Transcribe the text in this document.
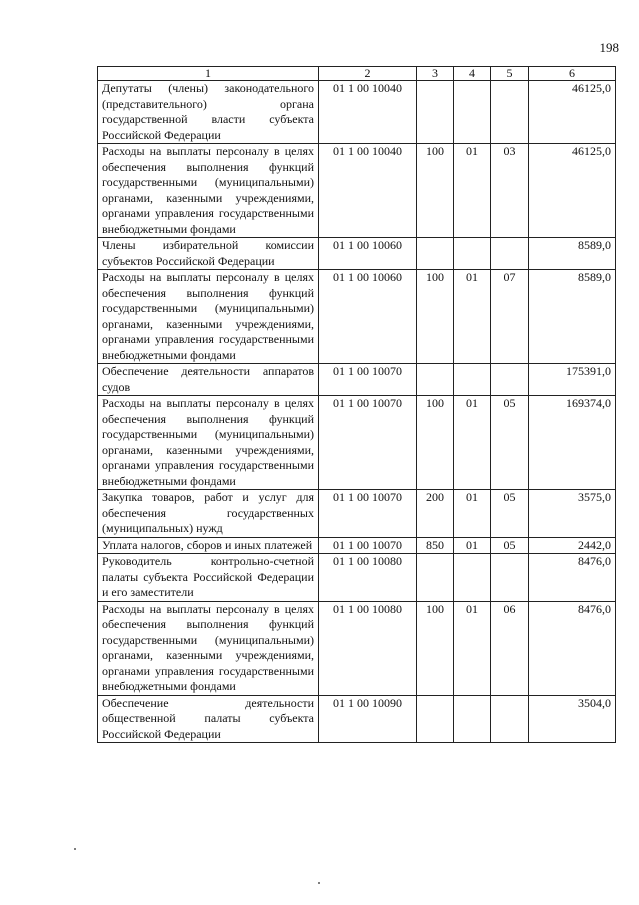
198
1	2	3	4	5	6
Депутаты (члены) законодательного (представительного) органа государственной власти субъекта Российской Федерации	01 1 00 10040				46125,0
Расходы на выплаты персоналу в целях обеспечения выполнения функций государственными (муниципальными) органами, казенными учреждениями, органами управления государственными внебюджетными фондами	01 1 00 10040	100	01	03	46125,0
Члены избирательной комиссии субъектов Российской Федерации	01 1 00 10060				8589,0
Расходы на выплаты персоналу в целях обеспечения выполнения функций государственными (муниципальными) органами, казенными учреждениями, органами управления государственными внебюджетными фондами	01 1 00 10060	100	01	07	8589,0
Обеспечение деятельности аппаратов судов	01 1 00 10070				175391,0
Расходы на выплаты персоналу в целях обеспечения выполнения функций государственными (муниципальными) органами, казенными учреждениями, органами управления государственными внебюджетными фондами	01 1 00 10070	100	01	05	169374,0
Закупка товаров, работ и услуг для обеспечения государственных (муниципальных) нужд	01 1 00 10070	200	01	05	3575,0
Уплата налогов, сборов и иных платежей	01 1 00 10070	850	01	05	2442,0
Руководитель контрольно-счетной палаты субъекта Российской Федерации и его заместители	01 1 00 10080				8476,0
Расходы на выплаты персоналу в целях обеспечения выполнения функций государственными (муниципальными) органами, казенными учреждениями, органами управления государственными внебюджетными фондами	01 1 00 10080	100	01	06	8476,0
Обеспечение деятельности общественной палаты субъекта Российской Федерации	01 1 00 10090				3504,0
